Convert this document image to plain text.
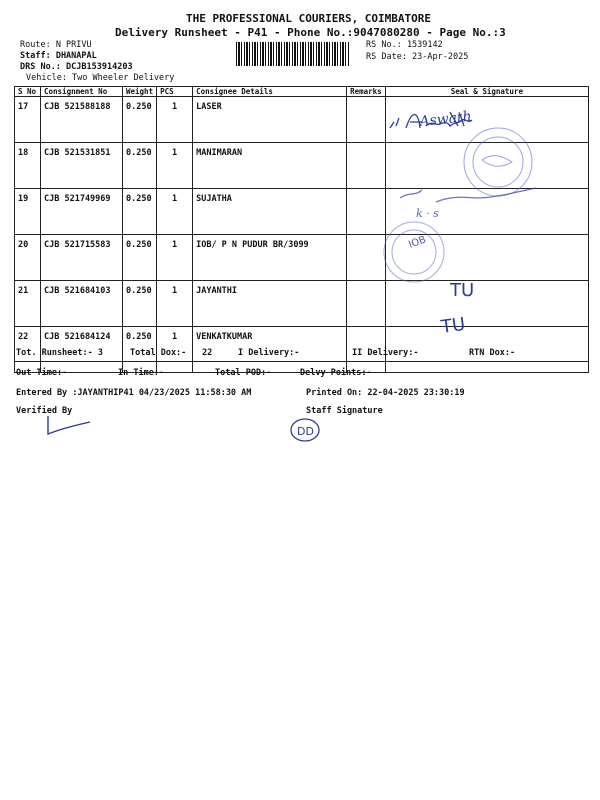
THE PROFESSIONAL COURIERS, COIMBATORE
Delivery Runsheet - P41 - Phone No.:9047080280 - Page No.:3
Route: N PRIVU
Staff: DHANAPAL
DRS No.: DCJB153914203
Vehicle: Two Wheeler Delivery
RS No.: 1539142
RS Date: 23-Apr-2025
S No	Consignment No	Weight	PCS	Consignee Details	Remarks	Seal & Signature
17	CJB 521588188	0.250	1	LASER		
18	CJB 521531851	0.250	1	MANIMARAN		
19	CJB 521749969	0.250	1	SUJATHA		
20	CJB 521715583	0.250	1	IOB/ P N PUDUR BR/3099		
21	CJB 521684103	0.250	1	JAYANTHI		
22	CJB 521684124	0.250	1	VENKATKUMAR		
Tot. Runsheet:- 3	Total Dox:- 22	I Delivery:-	II Delivery:-	RTN Dox:-
Out Time:-	In Time:-	Total POD:-	Delvy Points:-
Entered By :JAYANTHIP41 04/23/2025 11:58:30 AM	Printed On: 22-04-2025 23:30:19
Verified By	Staff Signature
IOB
k · s
TU
TU
Aswath
DD
